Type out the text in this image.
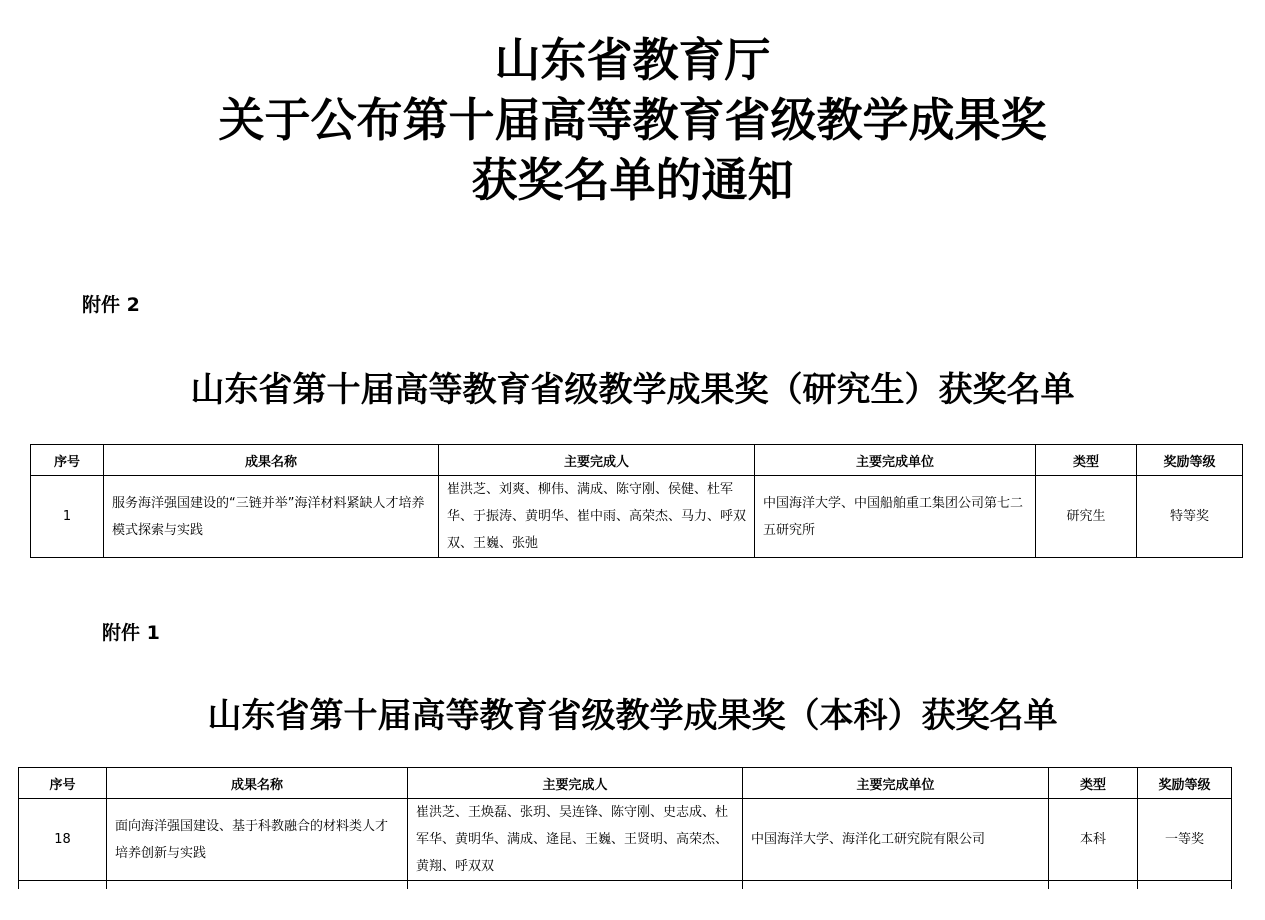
山东省教育厅
关于公布第十届高等教育省级教学成果奖
获奖名单的通知
附件 2
山东省第十届高等教育省级教学成果奖（研究生）获奖名单
序号	成果名称	主要完成人	主要完成单位	类型	奖励等级
1	服务海洋强国建设的“三链并举”海洋材料紧缺人才培养模式探索与实践	崔洪芝、刘爽、柳伟、满成、陈守刚、侯健、杜军华、于振涛、黄明华、崔中雨、高荣杰、马力、呼双双、王巍、张弛	中国海洋大学、中国船舶重工集团公司第七二五研究所	研究生	特等奖
附件 1
山东省第十届高等教育省级教学成果奖（本科）获奖名单
序号	成果名称	主要完成人	主要完成单位	类型	奖励等级
18	面向海洋强国建设、基于科教融合的材料类人才培养创新与实践	崔洪芝、王焕磊、张玥、吴连锋、陈守刚、史志成、杜军华、黄明华、满成、逄昆、王巍、王贤明、高荣杰、黄翔、呼双双	中国海洋大学、海洋化工研究院有限公司	本科	一等奖
